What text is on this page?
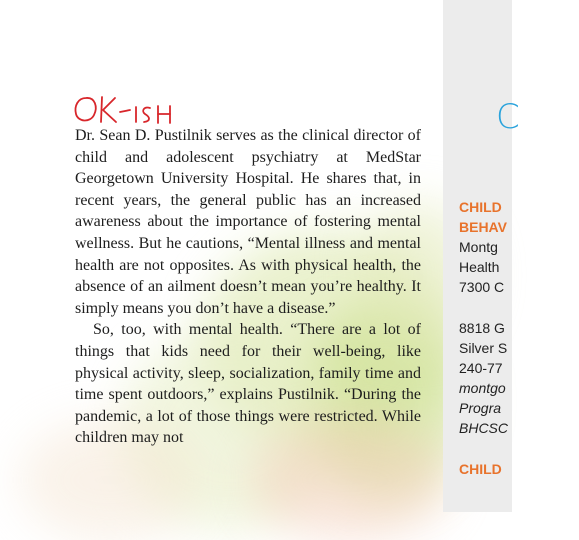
Dr. Sean D. Pustilnik serves as the clinical director of child and adolescent psychiatry at MedStar Georgetown University Hospital. He shares that, in recent years, the general public has an increased awareness about the importance of fostering mental wellness. But he cautions, “Mental illness and mental health are not opposites. As with physical health, the absence of an ailment doesn’t mean you’re healthy. It simply means you don’t have a disease.”

So, too, with mental health. “There are a lot of things that kids need for their well-being, like physical activity, sleep, socialization, family time and time spent outdoors,” explains Pustilnik. “During the pandemic, a lot of those things were restricted. While children may not

C
CHILD
BEHAV
Montg
Health
7300 C
8818 G
Silver S
240-77
montgo
Progra
BHCSC
CHILD
